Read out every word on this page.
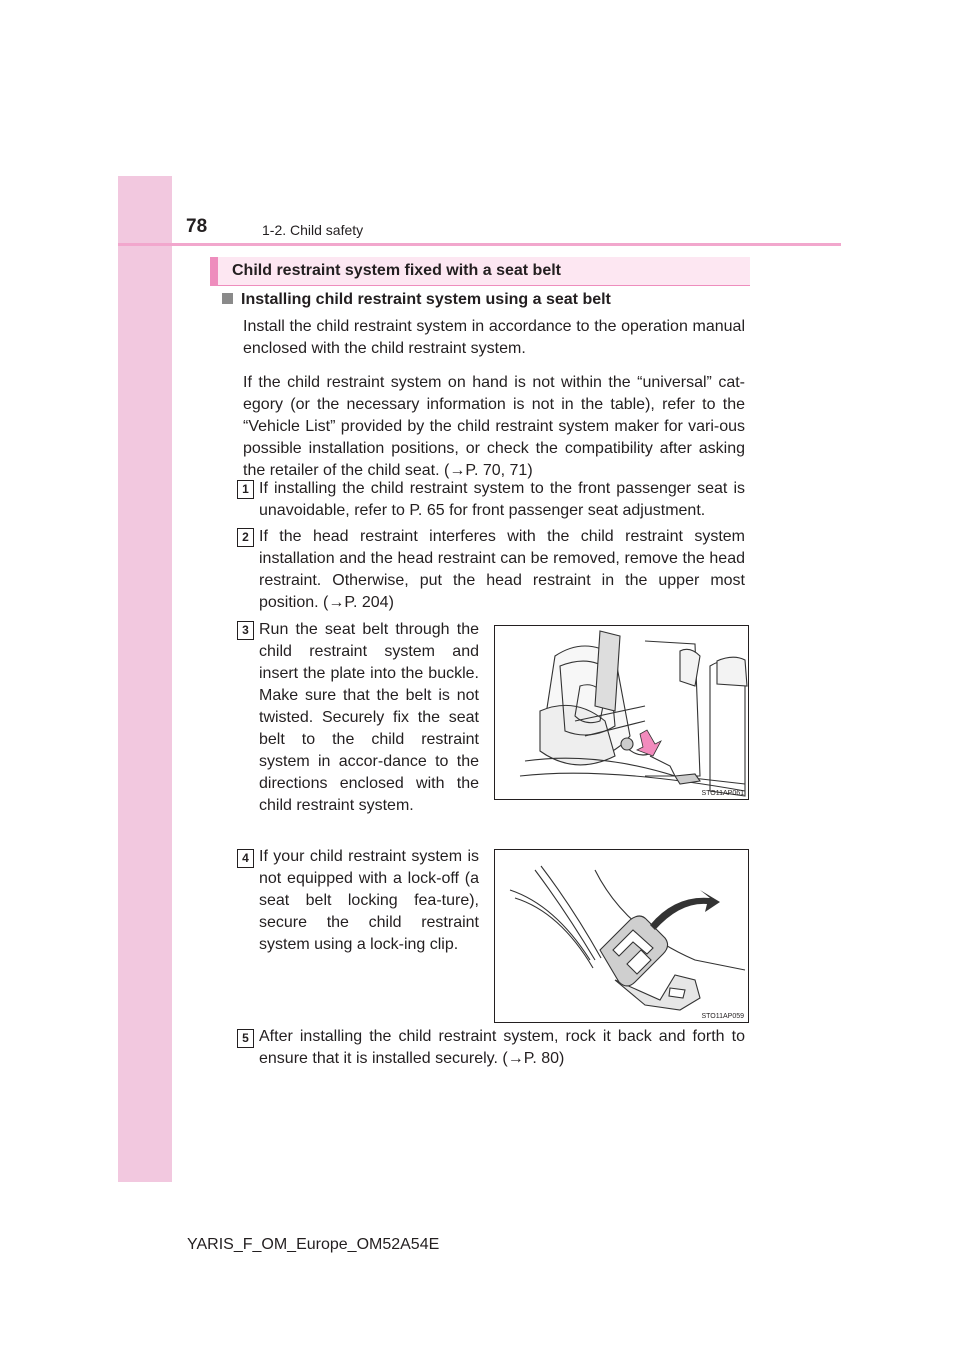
78	1-2. Child safety
Child restraint system fixed with a seat belt
Installing child restraint system using a seat belt
Install the child restraint system in accordance to the operation manual enclosed with the child restraint system.
If the child restraint system on hand is not within the “universal” cat-egory (or the necessary information is not in the table), refer to the “Vehicle List” provided by the child restraint system maker for vari-ous possible installation positions, or check the compatibility after asking the retailer of the child seat. (→P. 70, 71)
1 If installing the child restraint system to the front passenger seat is unavoidable, refer to P. 65 for front passenger seat adjustment.
2 If the head restraint interferes with the child restraint system installation and the head restraint can be removed, remove the head restraint. Otherwise, put the head restraint in the upper most position. (→P. 204)
3 Run the seat belt through the child restraint system and insert the plate into the buckle. Make sure that the belt is not twisted. Securely fix the seat belt to the child restraint system in accor-dance to the directions enclosed with the child restraint system.
STO11AP061
4 If your child restraint system is not equipped with a lock-off (a seat belt locking fea-ture), secure the child restraint system using a lock-ing clip.
STO11AP059
5 After installing the child restraint system, rock it back and forth to ensure that it is installed securely. (→P. 80)
YARIS_F_OM_Europe_OM52A54E
